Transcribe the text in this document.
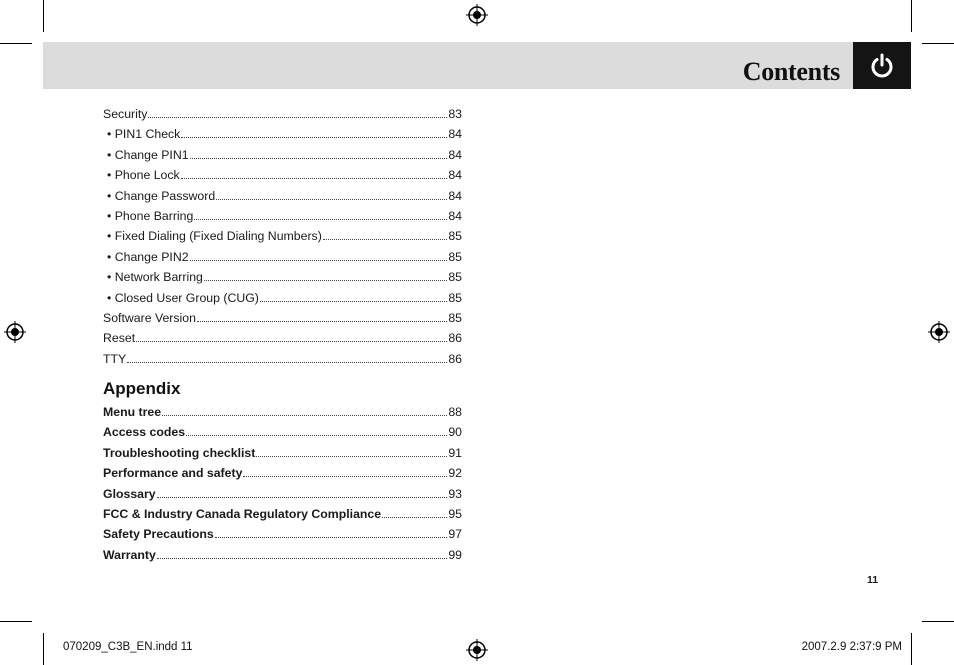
Contents
Appendix
11
070209_C3B_EN.indd 11	2007.2.9 2:37:9 PM
Security	83
• PIN1 Check	84
• Change PIN1	84
• Phone Lock	84
• Change Password	84
• Phone Barring	84
• Fixed Dialing (Fixed Dialing Numbers)	85
• Change PIN2	85
• Network Barring	85
• Closed User Group (CUG)	85
Software Version	85
Reset	86
TTY	86
Menu tree	88
Access codes	90
Troubleshooting checklist	91
Performance and safety	92
Glossary	93
FCC & Industry Canada Regulatory Compliance	95
Safety Precautions	97
Warranty	99
